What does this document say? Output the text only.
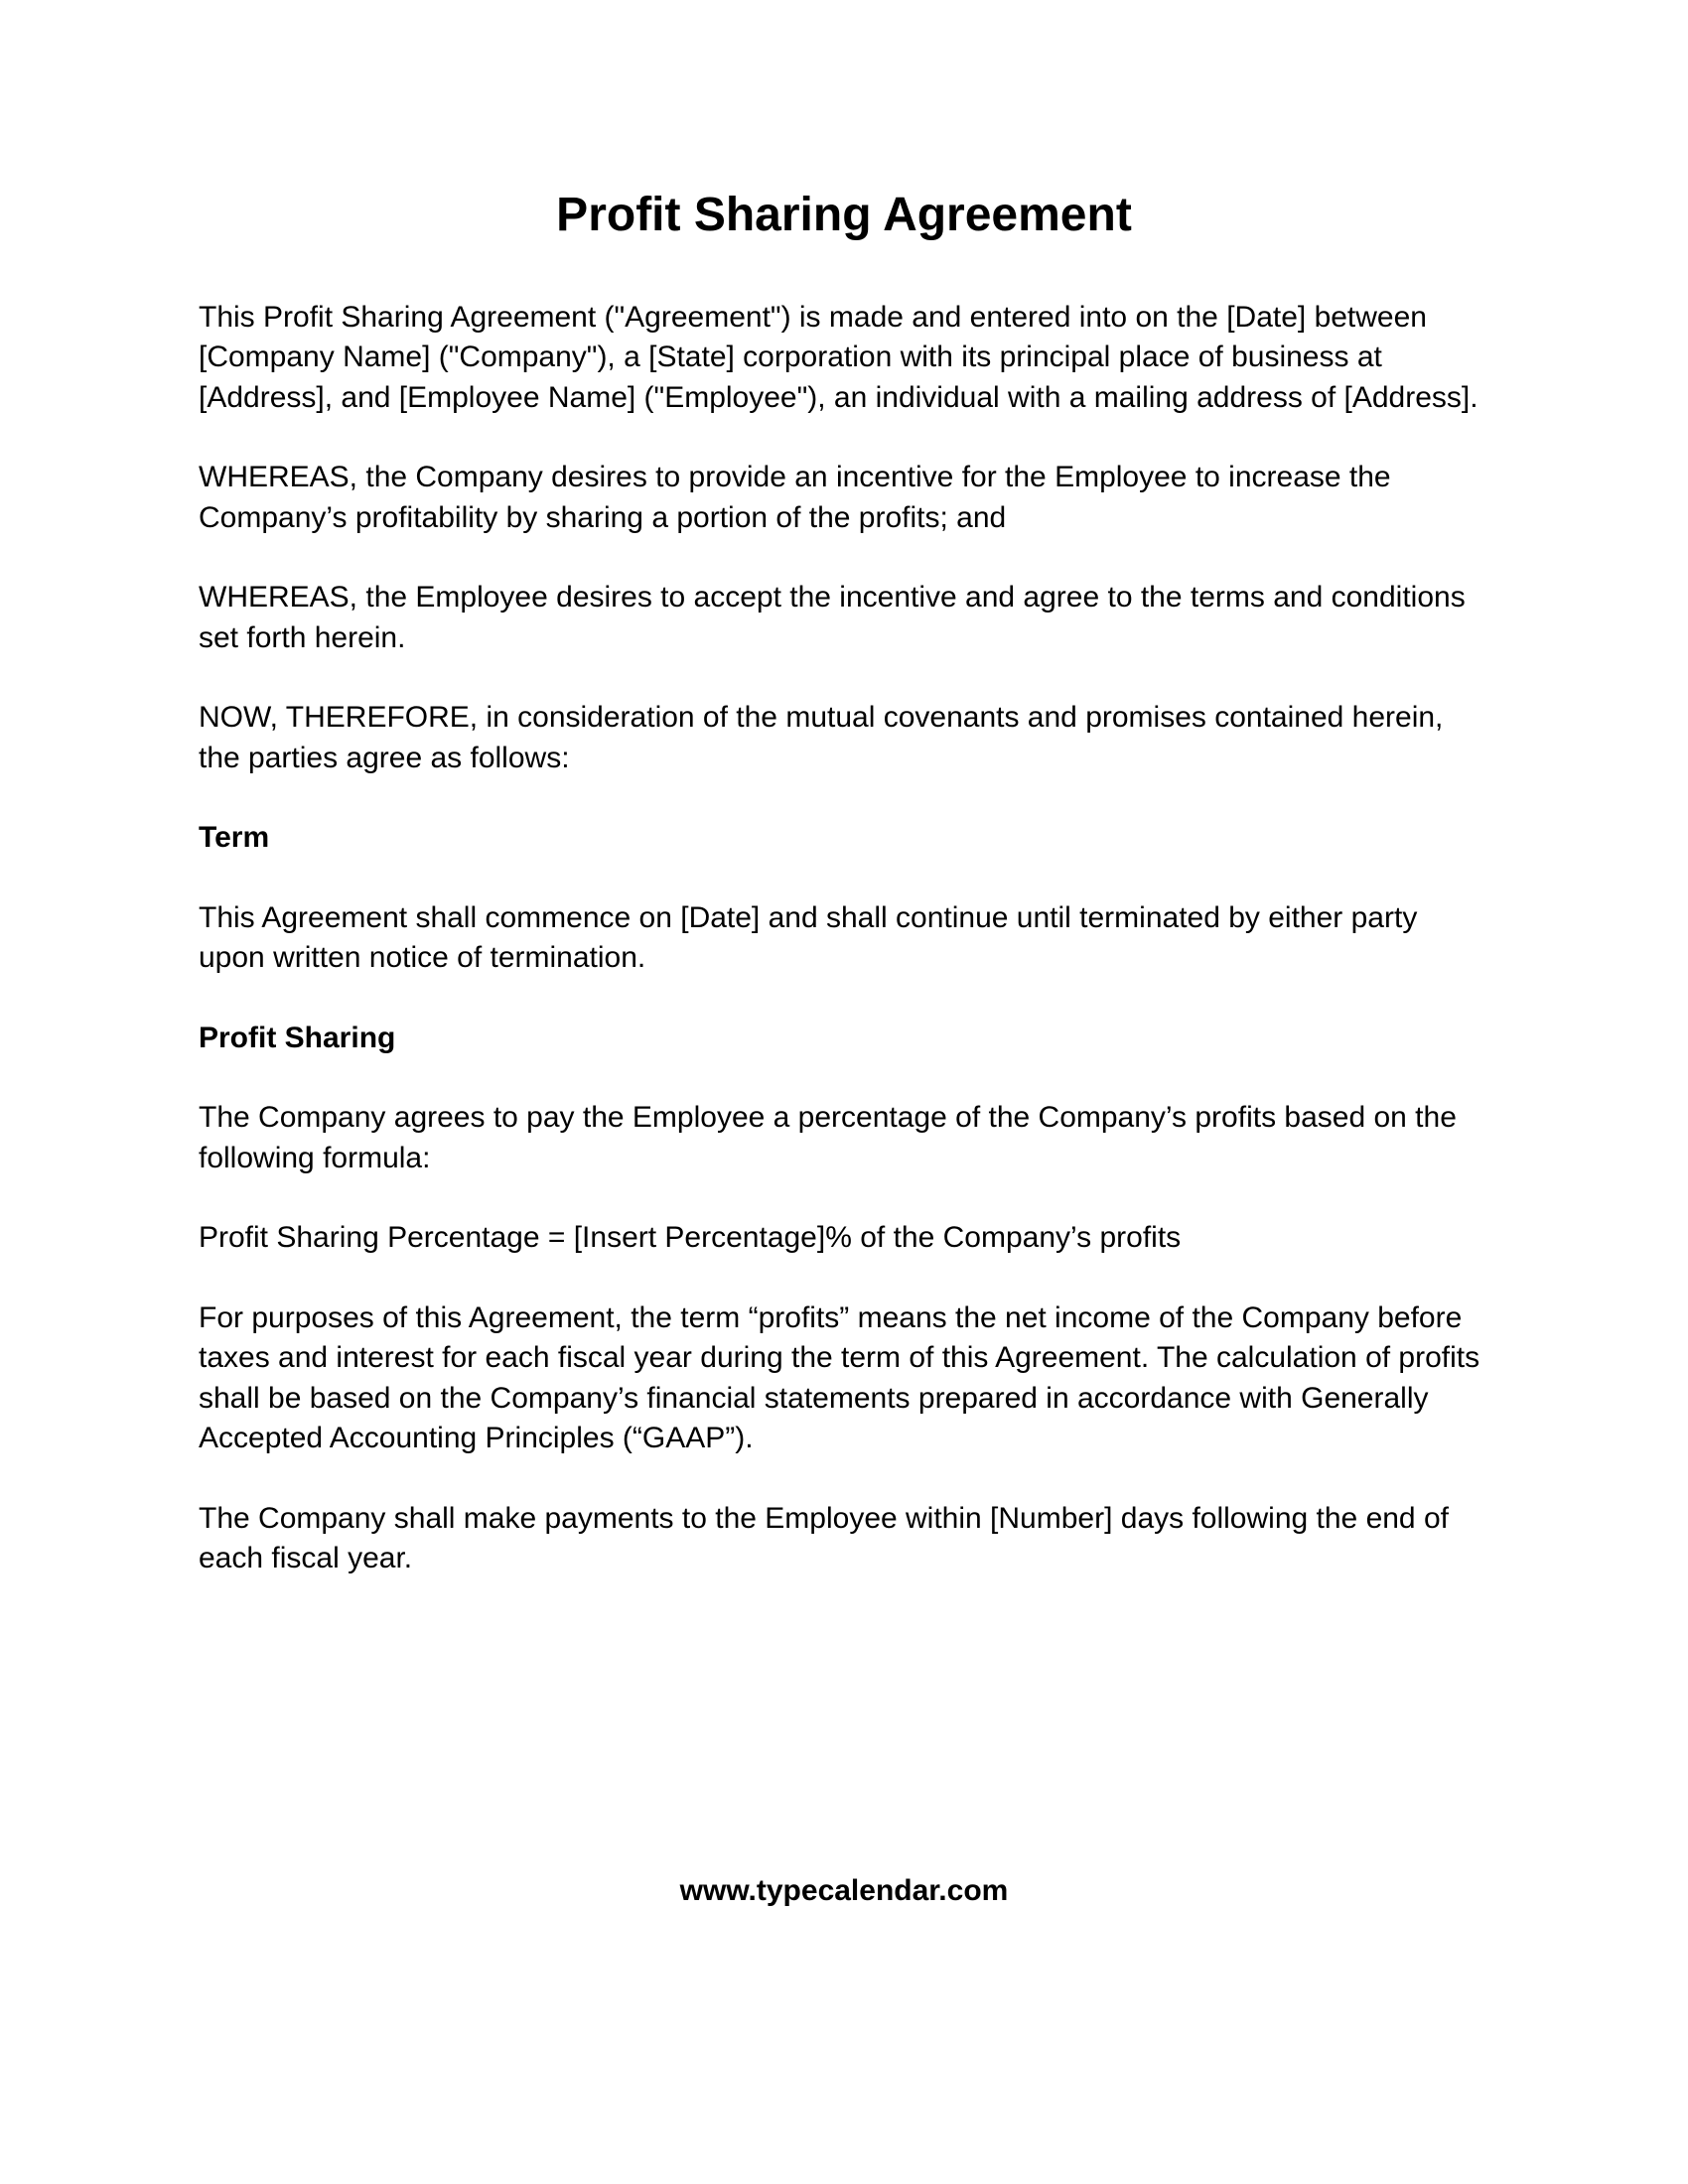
Profit Sharing Agreement

This Profit Sharing Agreement ("Agreement") is made and entered into on the [Date] between [Company Name] ("Company"), a [State] corporation with its principal place of business at [Address], and [Employee Name] ("Employee"), an individual with a mailing address of [Address].

WHEREAS, the Company desires to provide an incentive for the Employee to increase the Company’s profitability by sharing a portion of the profits; and

WHEREAS, the Employee desires to accept the incentive and agree to the terms and conditions set forth herein.

NOW, THEREFORE, in consideration of the mutual covenants and promises contained herein, the parties agree as follows:

Term

This Agreement shall commence on [Date] and shall continue until terminated by either party upon written notice of termination.

Profit Sharing

The Company agrees to pay the Employee a percentage of the Company’s profits based on the following formula:

Profit Sharing Percentage = [Insert Percentage]% of the Company’s profits

For purposes of this Agreement, the term “profits” means the net income of the Company before taxes and interest for each fiscal year during the term of this Agreement. The calculation of profits shall be based on the Company’s financial statements prepared in accordance with Generally Accepted Accounting Principles (“GAAP”).

The Company shall make payments to the Employee within [Number] days following the end of each fiscal year.

www.typecalendar.com
